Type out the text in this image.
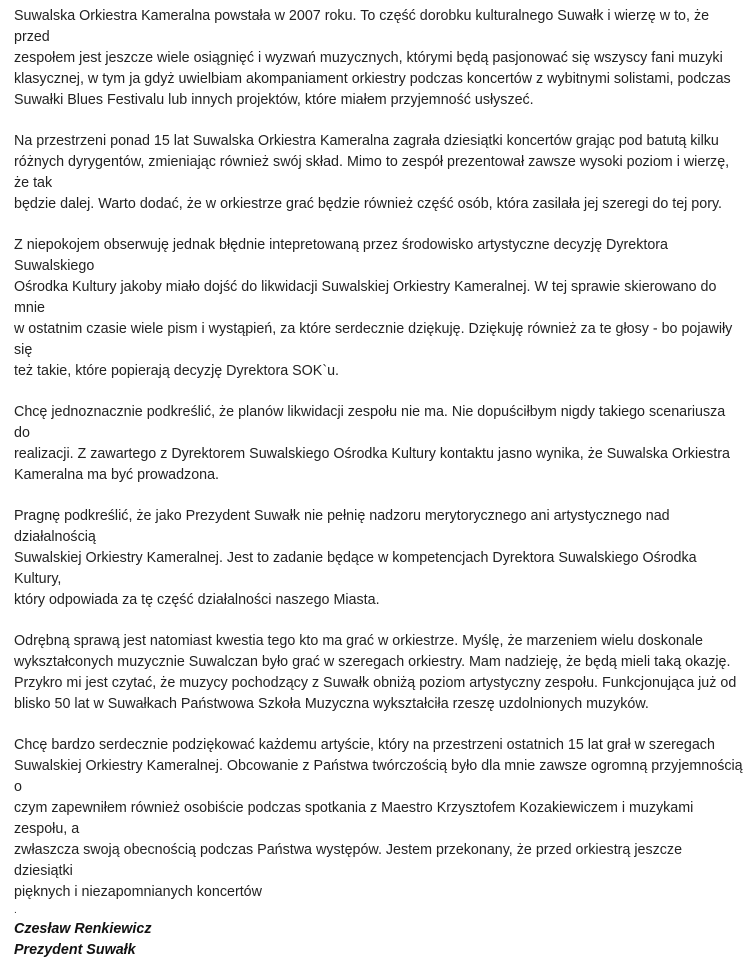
Suwalska Orkiestra Kameralna powstała w 2007 roku. To część dorobku kulturalnego Suwałk i wierzę w to, że przed
zespołem jest jeszcze wiele osiągnięć i wyzwań muzycznych, którymi będą pasjonować się wszyscy fani muzyki
klasycznej, w tym ja gdyż uwielbiam akompaniament orkiestry podczas koncertów z wybitnymi solistami, podczas
Suwałki Blues Festivalu lub innych projektów, które miałem przyjemność usłyszeć.

Na przestrzeni ponad 15 lat Suwalska Orkiestra Kameralna zagrała dziesiątki koncertów grając pod batutą kilku
różnych dyrygentów, zmieniając również swój skład. Mimo to zespół prezentował zawsze wysoki poziom i wierzę, że tak
będzie dalej. Warto dodać, że w orkiestrze grać będzie również część osób, która zasilała jej szeregi do tej pory.

Z niepokojem obserwuję jednak błędnie intepretowaną przez środowisko artystyczne decyzję Dyrektora Suwalskiego
Ośrodka Kultury jakoby miało dojść do likwidacji Suwalskiej Orkiestry Kameralnej. W tej sprawie skierowano do mnie
w ostatnim czasie wiele pism i wystąpień, za które serdecznie dziękuję. Dziękuję również za te głosy - bo pojawiły się
też takie, które popierają decyzję Dyrektora SOK`u.

Chcę jednoznacznie podkreślić, że planów likwidacji zespołu nie ma. Nie dopuściłbym nigdy takiego scenariusza do
realizacji. Z zawartego z Dyrektorem Suwalskiego Ośrodka Kultury kontaktu jasno wynika, że Suwalska Orkiestra
Kameralna ma być prowadzona.

Pragnę podkreślić, że jako Prezydent Suwałk nie pełnię nadzoru merytorycznego ani artystycznego nad działalnością
Suwalskiej Orkiestry Kameralnej. Jest to zadanie będące w kompetencjach Dyrektora Suwalskiego Ośrodka Kultury,
który odpowiada za tę część działalności naszego Miasta.

Odrębną sprawą jest natomiast kwestia tego kto ma grać w orkiestrze. Myślę, że marzeniem wielu doskonale
wykształconych muzycznie Suwalczan było grać w szeregach orkiestry. Mam nadzieję, że będą mieli taką okazję.
Przykro mi jest czytać, że muzycy pochodzący z Suwałk obniżą poziom artystyczny zespołu. Funkcjonująca już od
blisko 50 lat w Suwałkach Państwowa Szkoła Muzyczna wykształciła rzeszę uzdolnionych muzyków.

Chcę bardzo serdecznie podziękować każdemu artyście, który na przestrzeni ostatnich 15 lat grał w szeregach
Suwalskiej Orkiestry Kameralnej. Obcowanie z Państwa twórczością było dla mnie zawsze ogromną przyjemnością o
czym zapewniłem również osobiście podczas spotkania z Maestro Krzysztofem Kozakiewiczem i muzykami zespołu, a
zwłaszcza swoją obecnością podczas Państwa występów. Jestem przekonany, że przed orkiestrą jeszcze dziesiątki
pięknych i niezapomnianych koncertów

.

Czesław Renkiewicz

Prezydent Suwałk
